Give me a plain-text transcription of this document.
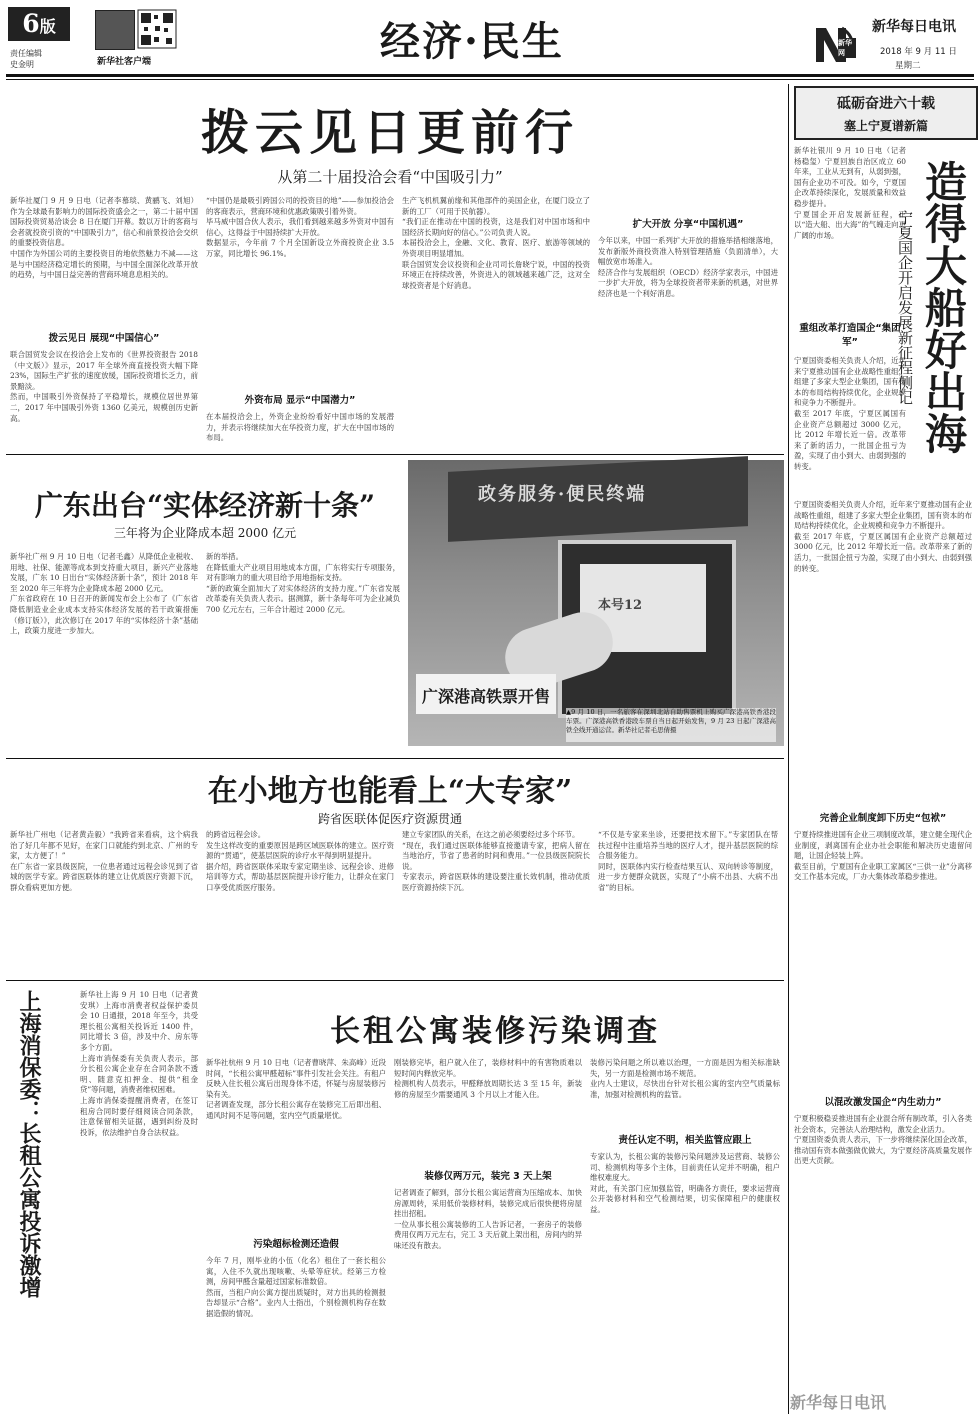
6版
责任编辑
史金明	新华社客户端	经济·民生	新华网
新华每日电讯
2018 年 9 月 11 日
星期二
拨云见日更前行
从第二十届投洽会看“中国吸引力”
新华社厦门 9 月 9 日电（记者李慕琰、黄鹂飞、刘旭）作为全球最有影响力的国际投资盛会之一，第二十届中国国际投资贸易洽谈会 8 日在厦门开幕。数以万计的客商与会者就投资引资的“中国吸引力”，信心和前景投洽会交织的重要投资信息。
中国作为外国公司的主要投资目的地依然魅力不减——这是与中国经济稳定增长的预期，与中国全面深化改革开放的趋势，与中国日益完善的营商环境息息相关的。
拨云见日 展现“中国信心”
联合国贸发会议在投洽会上发布的《世界投资报告 2018（中文版）》显示，2017 年全球外商直接投资大幅下降 23%，国际生产扩张的速度放缓，国际投资增长乏力，前景黯淡。
然而，中国吸引外资保持了平稳增长，规模位居世界第二，2017 年中国吸引外资 1360 亿美元，规模创历史新高。
“中国仍是最吸引跨国公司的投资目的地”——参加投洽会的客商表示，营商环境和优惠政策吸引着外资。
毕马威中国合伙人表示，我们看到越来越多外资对中国有信心，这得益于中国持续扩大开放。
数据显示，今年前 7 个月全国新设立外商投资企业 3.5 万家，同比增长 96.1%。
外资布局 显示“中国潜力”
在本届投洽会上，外资企业纷纷看好中国市场的发展潜力，并表示将继续加大在华投资力度，扩大在中国市场的布局。
生产飞机机翼前缘和其他部件的美国企业，在厦门设立了新的工厂（可用于民航器）。
“我们正在推动在中国的投资，这是我们对中国市场和中国经济长期向好的信心。”公司负责人说。
本届投洽会上，金融、文化、教育、医疗、旅游等领域的外资项目明显增加。
联合国贸发会议投资和企业司司长詹晓宁说，中国的投资环境正在持续改善，外资进入的领域越来越广泛，这对全球投资者是个好消息。
扩大开放 分享“中国机遇”
今年以来，中国一系列扩大开放的措施举措相继落地，发布新版外商投资准入特别管理措施（负面清单），大幅放宽市场准入。
经济合作与发展组织（OECD）经济学家表示，中国进一步扩大开放，将为全球投资者带来新的机遇，对世界经济也是一个利好消息。
砥砺奋进六十载
塞上宁夏谱新篇
新华社银川 9 月 10 日电（记者杨稳玺）宁夏回族自治区成立 60 年来，工业从无到有，从弱到强，国有企业功不可没。如今，宁夏国企改革持续深化，发展质量和效益稳步提升。
宁夏国企开启发展新征程，正以“造大船、出大海”的气魄走向更广阔的市场。	造得大船好出海
宁夏国企开启发展新征程侧记
重组改革打造国企“集团军”
宁夏国资委相关负责人介绍，近年来宁夏推动国有企业战略性重组，组建了多家大型企业集团，国有资本的布局结构持续优化，企业规模和竞争力不断提升。
截至 2017 年底，宁夏区属国有企业资产总额超过 3000 亿元，比 2012 年增长近一倍。改革带来了新的活力，一批国企扭亏为盈，实现了由小到大、由弱到强的转变。
宁夏国资委相关负责人介绍，近年来宁夏推动国有企业战略性重组，组建了多家大型企业集团，国有资本的布局结构持续优化，企业规模和竞争力不断提升。
截至 2017 年底，宁夏区属国有企业资产总额超过 3000 亿元，比 2012 年增长近一倍。改革带来了新的活力，一批国企扭亏为盈，实现了由小到大、由弱到强的转变。
完善企业制度卸下历史“包袱”
宁夏持续推进国有企业三项制度改革，建立健全现代企业制度，剥离国有企业办社会职能和解决历史遗留问题，让国企轻装上阵。
截至目前，宁夏国有企业职工家属区“三供一业”分离移交工作基本完成，厂办大集体改革稳步推进。
以混改激发国企“内生动力”
宁夏积极稳妥推进国有企业混合所有制改革，引入各类社会资本，完善法人治理结构，激发企业活力。
宁夏国资委负责人表示，下一步将继续深化国企改革，推动国有资本做强做优做大，为宁夏经济高质量发展作出更大贡献。
广东出台“实体经济新十条”
三年将为企业降成本超 2000 亿元
新华社广州 9 月 10 日电（记者毛鑫）从降低企业税收、用地、社保、能源等成本到支持重大项目，新兴产业落地发展，广东 10 日出台“实体经济新十条”，预计 2018 年至 2020 年三年将为企业降成本超 2000 亿元。
广东省政府在 10 日召开的新闻发布会上公布了《广东省降低制造业企业成本支持实体经济发展的若干政策措施（修订版）》，此次修订在 2017 年的“实体经济十条”基础上，政策力度进一步加大。
新的举措。
在降低重大产业项目用地成本方面，广东将实行专项服务，对有影响力的重大项目给予用地指标支持。
“新的政策全面加大了对实体经济的支持力度。”广东省发展改革委有关负责人表示。据测算，新十条每年可为企业减负 700 亿元左右，三年合计超过 2000 亿元。
政务服务·便民终端
本号12
广深港高铁票开售
▲9 月 10 日，一名旅客在深圳北站自助售票机上购买广深港高铁香港段车票。广深港高铁香港段车票自当日起开始发售，9 月 23 日起广深港高铁全线开通运营。新华社记者毛思倩摄
在小地方也能看上“大专家”
跨省医联体促医疗资源贯通
新华社广州电（记者黄垚毅）“我跨省来看病，这个病我治了好几年都不见好，在家门口就能约到北京、广州的专家，太方便了！”
在广东省一家县级医院，一位患者通过远程会诊见到了省城的医学专家。跨省医联体的建立让优质医疗资源下沉，群众看病更加方便。
的跨省远程会诊。
发生这样改变的重要原因是跨区域医联体的建立。医疗资源的“贯通”，使基层医院的诊疗水平得到明显提升。
据介绍，跨省医联体采取专家定期坐诊、远程会诊、进修培训等方式，帮助基层医院提升诊疗能力，让群众在家门口享受优质医疗服务。
建立专家团队的关系，在这之前必须要经过多个环节。
“现在，我们通过医联体能够直接邀请专家，把病人留在当地治疗，节省了患者的时间和费用。”一位县级医院院长说。
专家表示，跨省医联体的建设要注重长效机制，推动优质医疗资源持续下沉。
“不仅是专家来坐诊，还要把技术留下。”专家团队在帮扶过程中注重培养当地的医疗人才，提升基层医院的综合服务能力。
同时，医联体内实行检查结果互认、双向转诊等制度，进一步方便群众就医，实现了“小病不出县、大病不出省”的目标。
上海消保委：长租公寓投诉激增	新华社上海 9 月 10 日电（记者黄安琪）上海市消费者权益保护委员会 10 日通报，2018 年至今，共受理长租公寓相关投诉近 1400 件，同比增长 3 倍，涉及中介、房东等多个方面。
上海市消保委有关负责人表示，部分长租公寓企业存在合同条款不透明、随意克扣押金、提供“租金贷”等问题，消费者维权困难。
上海市消保委提醒消费者，在签订租房合同时要仔细阅读合同条款，注意保留相关证据，遇到纠纷及时投诉，依法维护自身合法权益。
长租公寓装修污染调查
新华社杭州 9 月 10 日电（记者曹晓萍、朱高峰）近段时间，“长租公寓甲醛超标”事件引发社会关注。有租户反映入住长租公寓后出现身体不适，怀疑与房屋装修污染有关。
记者调查发现，部分长租公寓存在装修完工后即出租、通风时间不足等问题，室内空气质量堪忧。
污染超标检测还造假
今年 7 月，刚毕业的小伍（化名）租住了一套长租公寓，入住不久就出现咳嗽、头晕等症状。经第三方检测，房间甲醛含量超过国家标准数倍。
然而，当租户向公寓方提出质疑时，对方出具的检测报告却显示“合格”。业内人士指出，个别检测机构存在数据造假的情况。
刚装修完毕，租户就入住了，装修材料中的有害物质难以短时间内释放完毕。
检测机构人员表示，甲醛释放周期长达 3 至 15 年，新装修的房屋至少需要通风 3 个月以上才能入住。
装修仅两万元，装完 3 天上架
记者调查了解到，部分长租公寓运营商为压缩成本、加快房源周转，采用低价装修材料，装修完成后很快便将房屋挂出招租。
一位从事长租公寓装修的工人告诉记者，一套房子的装修费用仅两万元左右，完工 3 天后就上架出租，房间内的异味还没有散去。
装修污染问题之所以难以治理，一方面是因为相关标准缺失，另一方面是检测市场不规范。
业内人士建议，尽快出台针对长租公寓的室内空气质量标准，加强对检测机构的监管。
责任认定不明，相关监管应跟上
专家认为，长租公寓的装修污染问题涉及运营商、装修公司、检测机构等多个主体，目前责任认定并不明确，租户维权难度大。
对此，有关部门应加强监管，明确各方责任，要求运营商公开装修材料和空气检测结果，切实保障租户的健康权益。
新华每日电讯
